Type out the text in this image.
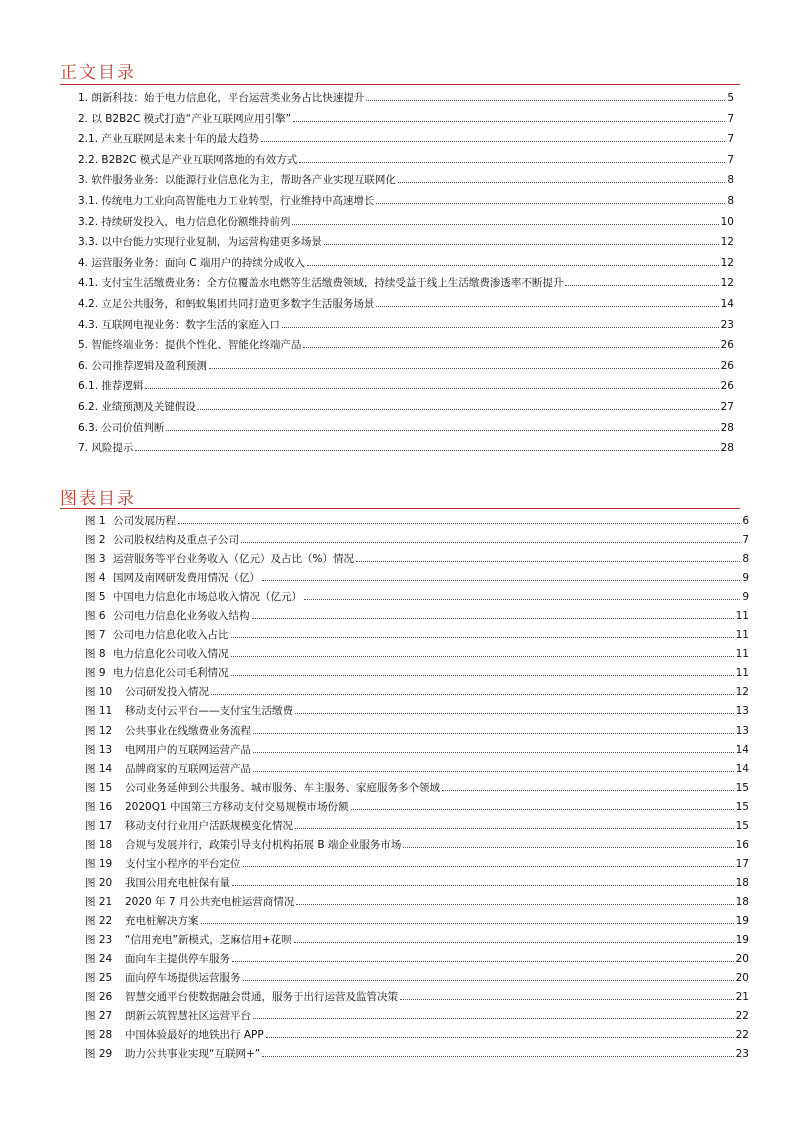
正文目录
1. 朗新科技：始于电力信息化，平台运营类业务占比快速提升	5
2. 以 B2B2C 模式打造“产业互联网应用引擎”	7
2.1. 产业互联网是未来十年的最大趋势	7
2.2. B2B2C 模式是产业互联网落地的有效方式	7
3. 软件服务业务：以能源行业信息化为主，帮助各产业实现互联网化	8
3.1. 传统电力工业向高智能电力工业转型，行业维持中高速增长	8
3.2. 持续研发投入，电力信息化份额维持前列	10
3.3. 以中台能力实现行业复制，为运营构建更多场景	12
4. 运营服务业务：面向 C 端用户的持续分成收入	12
4.1. 支付宝生活缴费业务：全方位覆盖水电燃等生活缴费领域，持续受益于线上生活缴费渗透率不断提升	12
4.2. 立足公共服务，和蚂蚁集团共同打造更多数字生活服务场景	14
4.3. 互联网电视业务：数字生活的家庭入口	23
5. 智能终端业务：提供个性化、智能化终端产品	26
6. 公司推荐逻辑及盈利预测	26
6.1. 推荐逻辑	26
6.2. 业绩预测及关键假设	27
6.3. 公司价值判断	28
7. 风险提示	28
图表目录
图 1 公司发展历程	6
图 2 公司股权结构及重点子公司	7
图 3 运营服务等平台业务收入（亿元）及占比（%）情况	8
图 4 国网及南网研发费用情况（亿）	9
图 5 中国电力信息化市场总收入情况（亿元）	9
图 6 公司电力信息化业务收入结构	11
图 7 公司电力信息化收入占比	11
图 8 电力信息化公司收入情况	11
图 9 电力信息化公司毛利情况	11
图 10	公司研发投入情况	12
图 11	移动支付云平台——支付宝生活缴费	13
图 12	公共事业在线缴费业务流程	13
图 13	电网用户的互联网运营产品	14
图 14	品牌商家的互联网运营产品	14
图 15	公司业务延伸到公共服务、城市服务、车主服务、家庭服务多个领域	15
图 16	2020Q1 中国第三方移动支付交易规模市场份额	15
图 17	移动支付行业用户活跃规模变化情况	15
图 18	合规与发展并行，政策引导支付机构拓展 B 端企业服务市场	16
图 19	支付宝小程序的平台定位	17
图 20	我国公用充电桩保有量	18
图 21	2020 年 7 月公共充电桩运营商情况	18
图 22	充电桩解决方案	19
图 23	“信用充电”新模式，芝麻信用+花呗	19
图 24	面向车主提供停车服务	20
图 25	面向停车场提供运营服务	20
图 26	智慧交通平台使数据融会贯通，服务于出行运营及监管决策	21
图 27	朗新云筑智慧社区运营平台	22
图 28	中国体验最好的地铁出行 APP	22
图 29	助力公共事业实现“互联网+”	23
